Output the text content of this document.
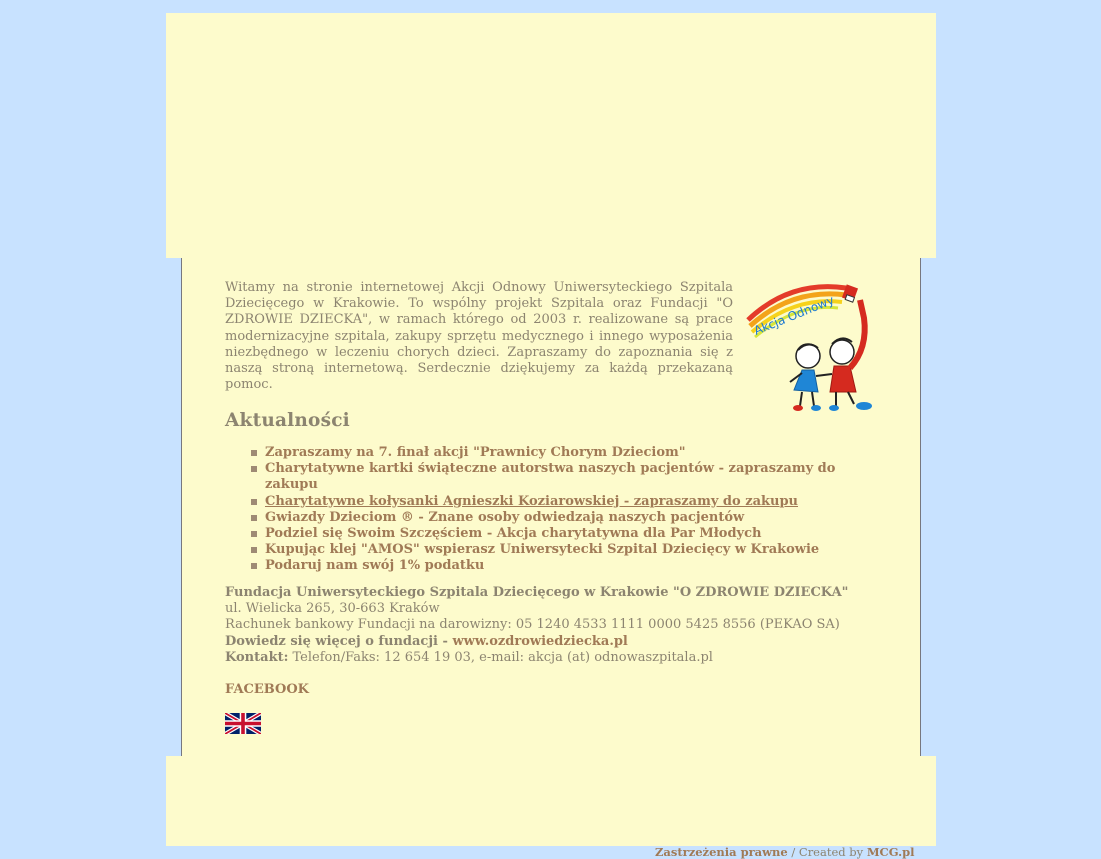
Witamy na stronie internetowej Akcji Odnowy Uniwersyteckiego Szpitala Dziecięcego w Krakowie. To wspólny projekt Szpitala oraz Fundacji "O ZDROWIE DZIECKA", w ramach którego od 2003 r. realizowane są prace modernizacyjne szpitala, zakupy sprzętu medycznego i innego wyposażenia niezbędnego w leczeniu chorych dzieci. Zapraszamy do zapoznania się z naszą stroną internetową. Serdecznie dziękujemy za każdą przekazaną pomoc.

Akcja Odnowy
Aktualności
Zapraszamy na 7. finał akcji "Prawnicy Chorym Dzieciom"
Charytatywne kartki świąteczne autorstwa naszych pacjentów - zapraszamy do zakupu
Charytatywne kołysanki Agnieszki Koziarowskiej - zapraszamy do zakupu
Gwiazdy Dzieciom ® - Znane osoby odwiedzają naszych pacjentów
Podziel się Swoim Szczęściem - Akcja charytatywna dla Par Młodych
Kupując klej "AMOS" wspierasz Uniwersytecki Szpital Dziecięcy w Krakowie
Podaruj nam swój 1% podatku
Fundacja Uniwersyteckiego Szpitala Dziecięcego w Krakowie "O ZDROWIE DZIECKA"
ul. Wielicka 265, 30-663 Kraków
Rachunek bankowy Fundacji na darowizny: 05 1240 4533 1111 0000 5425 8556 (PEKAO SA)
Dowiedz się więcej o fundacji - www.ozdrowiedziecka.pl
Kontakt: Telefon/Faks: 12 654 19 03, e-mail: akcja (at) odnowaszpitala.pl
FACEBOOK
Zastrzeżenia prawne / Created by MCG.pl
